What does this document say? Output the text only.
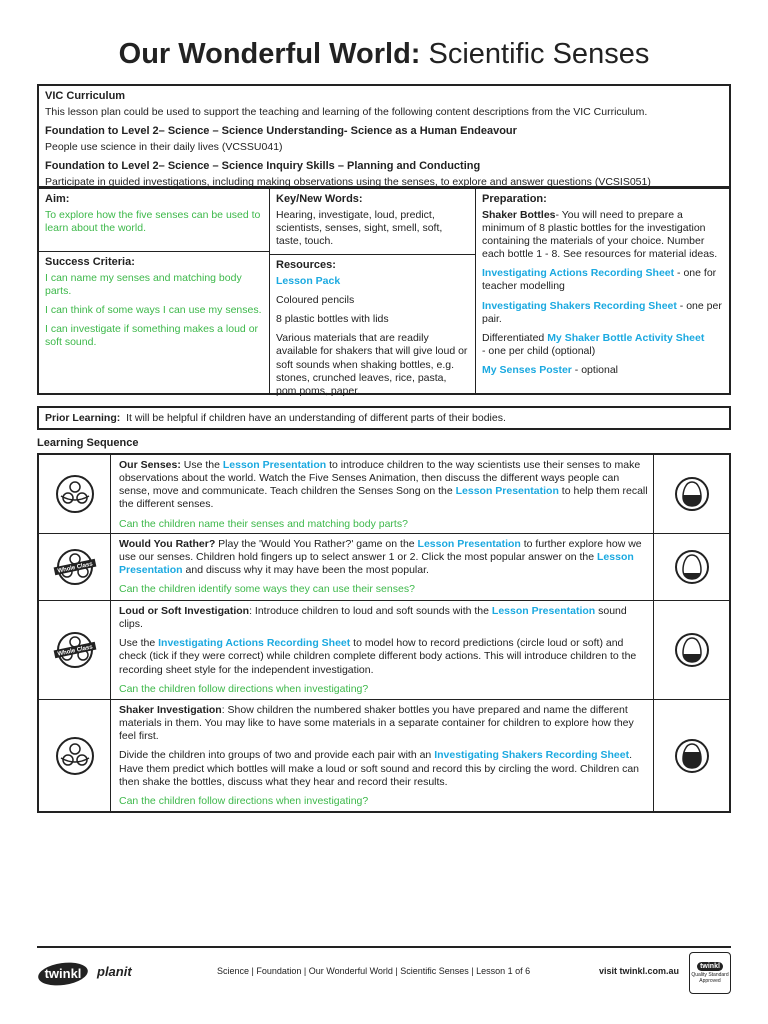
Our Wonderful World: Scientific Senses
VIC Curriculum
This lesson plan could be used to support the teaching and learning of the following content descriptions from the VIC Curriculum.
Foundation to Level 2– Science – Science Understanding- Science as a Human Endeavour
People use science in their daily lives (VCSSU041)
Foundation to Level 2– Science – Science Inquiry Skills – Planning and Conducting
Participate in guided investigations, including making observations using the senses, to explore and answer questions (VCSIS051)
Aim:
To explore how the five senses can be used to learn about the world.
Success Criteria:
I can name my senses and matching body parts.
I can think of some ways I can use my senses.
I can investigate if something makes a loud or soft sound.
Key/New Words:
Hearing, investigate, loud, predict, scientists, senses, sight, smell, soft, taste, touch.
Resources:
Lesson Pack
Coloured pencils
8 plastic bottles with lids
Various materials that are readily available for shakers that will give loud or soft sounds when shaking bottles, e.g. stones, crunched leaves, rice, pasta, pom poms, paper.
Preparation:
Shaker Bottles- You will need to prepare a minimum of 8 plastic bottles for the investigation containing the materials of your choice. Number each bottle 1 - 8. See resources for material ideas.
Investigating Actions Recording Sheet - one for teacher modelling
Investigating Shakers Recording Sheet - one per pair.
Differentiated My Shaker Bottle Activity Sheet
- one per child (optional)
My Senses Poster - optional
Prior Learning: It will be helpful if children have an understanding of different parts of their bodies.
Learning Sequence
Our Senses: Use the Lesson Presentation to introduce children to the way scientists use their senses to make observations about the world. Watch the Five Senses Animation, then discuss the different ways people can sense, move and communicate. Teach children the Senses Song on the Lesson Presentation to help them recall the different senses.
Can the children name their senses and matching body parts?
Whole Class
Would You Rather? Play the 'Would You Rather?' game on the Lesson Presentation to further explore how we use our senses. Children hold fingers up to select answer 1 or 2. Click the most popular answer on the Lesson Presentation and discuss why it may have been the most popular.
Can the children identify some ways they can use their senses?
Whole Class
Loud or Soft Investigation: Introduce children to loud and soft sounds with the Lesson Presentation sound clips.
Use the Investigating Actions Recording Sheet to model how to record predictions (circle loud or soft) and check (tick if they were correct) while children complete different body actions. This will introduce children to the recording sheet style for the independent investigation.
Can the children follow directions when investigating?
Shaker Investigation: Show children the numbered shaker bottles you have prepared and name the different materials in them. You may like to have some materials in a separate container for children to explore how they feel first.
Divide the children into groups of two and provide each pair with an Investigating Shakers Recording Sheet. Have them predict which bottles will make a loud or soft sound and record this by circling the word. Children can then shake the bottles, discuss what they hear and record their results.
Can the children follow directions when investigating?
twinkl planit	Science | Foundation | Our Wonderful World | Scientific Senses | Lesson 1 of 6	visit twinkl.com.au	twinkl
Quality Standard Approved
